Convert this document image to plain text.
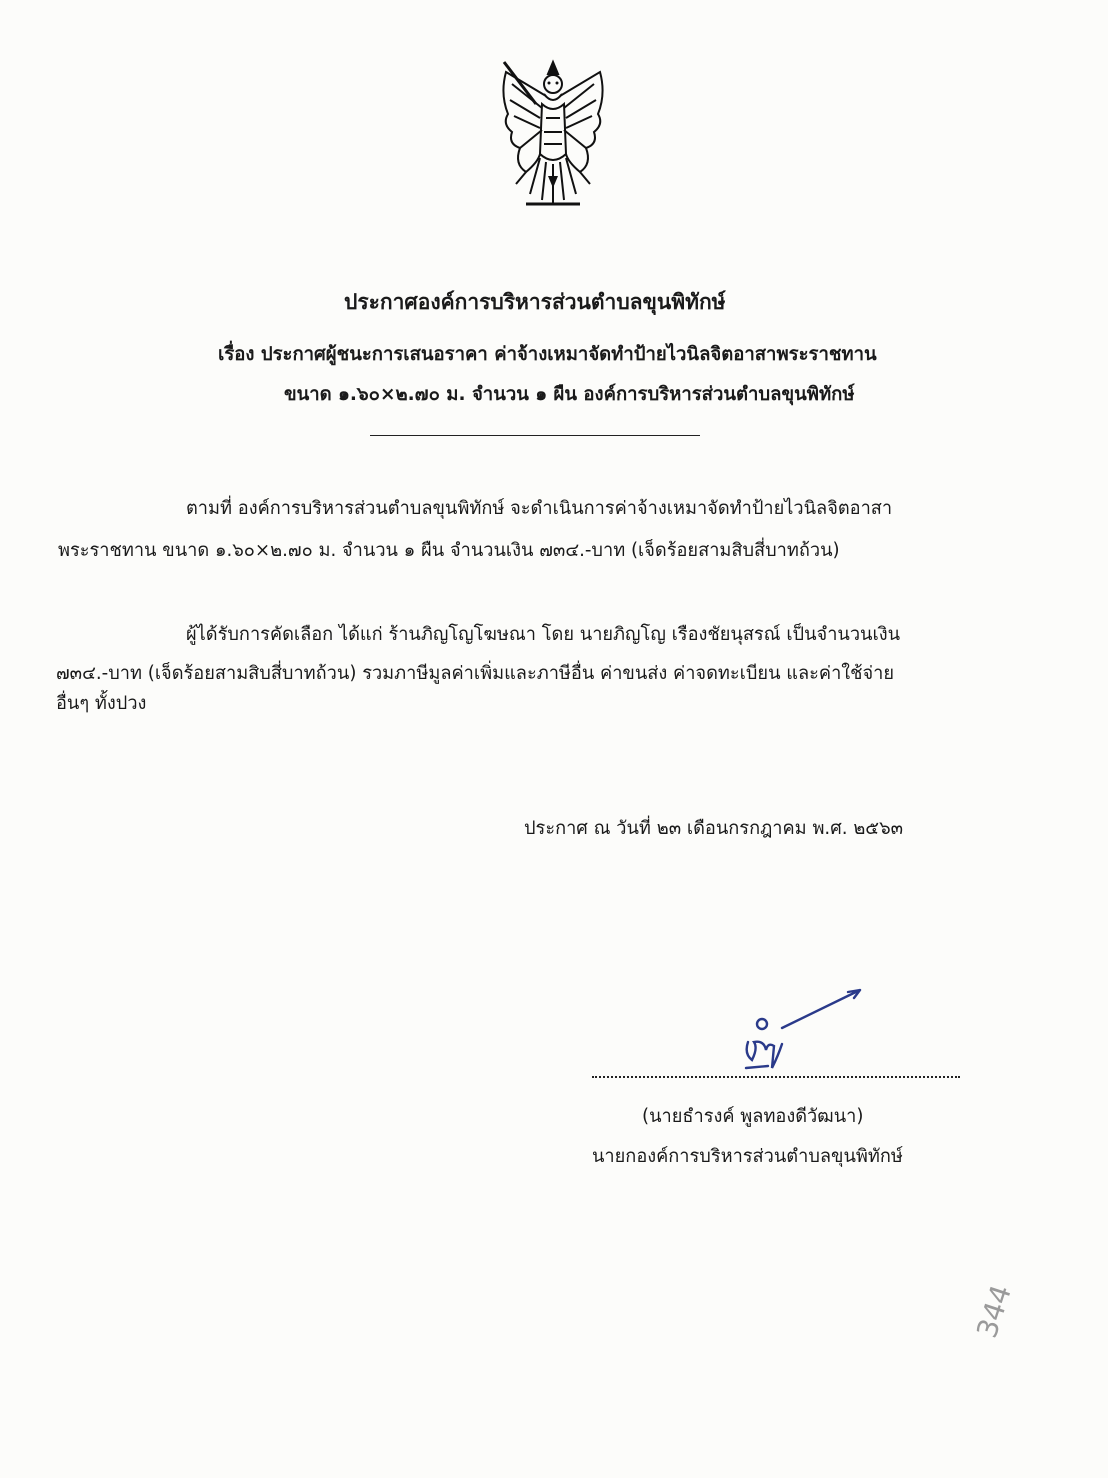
ประกาศองค์การบริหารส่วนตำบลขุนพิทักษ์
เรื่อง ประกาศผู้ชนะการเสนอราคา ค่าจ้างเหมาจัดทำป้ายไวนิลจิตอาสาพระราชทาน
ขนาด ๑.๖๐×๒.๗๐ ม. จำนวน ๑ ผืน องค์การบริหารส่วนตำบลขุนพิทักษ์
ตามที่ องค์การบริหารส่วนตำบลขุนพิทักษ์ จะดำเนินการค่าจ้างเหมาจัดทำป้ายไวนิลจิตอาสา
พระราชทาน ขนาด ๑.๖๐×๒.๗๐ ม. จำนวน ๑ ผืน จำนวนเงิน ๗๓๔.-บาท (เจ็ดร้อยสามสิบสี่บาทถ้วน)
ผู้ได้รับการคัดเลือก ได้แก่ ร้านภิญโญโฆษณา โดย นายภิญโญ เรืองชัยนุสรณ์ เป็นจำนวนเงิน
๗๓๔.-บาท (เจ็ดร้อยสามสิบสี่บาทถ้วน) รวมภาษีมูลค่าเพิ่มและภาษีอื่น ค่าขนส่ง ค่าจดทะเบียน และค่าใช้จ่าย
อื่นๆ ทั้งปวง
ประกาศ ณ วันที่ ๒๓ เดือนกรกฎาคม พ.ศ. ๒๕๖๓
(นายธำรงค์ พูลทองดีวัฒนา)
นายกองค์การบริหารส่วนตำบลขุนพิทักษ์
344
